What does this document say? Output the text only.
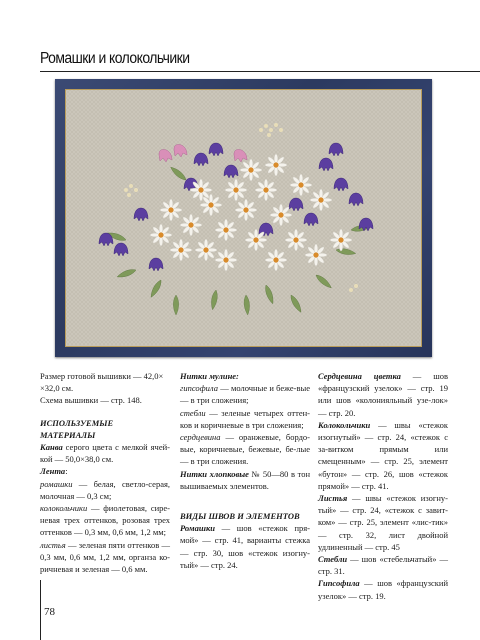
Ромашки и колокольчики

Размер готовой вышивки — 42,0×

×32,0 см.

Схема вышивки — стр. 148.

ИСПОЛЬЗУЕМЫЕ МАТЕРИАЛЫ

Канва серого цвета с мелкой ячей-кой — 50,0×38,0 см.

Лента:

ромашки — белая, светло-серая, молочная — 0,3 см;

колокольчики — фиолетовая, сире-невая трех оттенков, розовая трех оттенков — 0,3 мм, 0,6 мм, 1,2 мм;

листья — зеленая пяти оттенков — 0,3 мм, 0,6 мм, 1,2 мм, органза ко-ричневая и зеленая — 0,6 мм.

Нитки мулине:

гипсофила — молочные и беже-вые — в три сложения;

стебли — зеленые четырех оттен-ков и коричневые в три сложения;

сердцевина — оранжевые, бордо-вые, коричневые, бежевые, бе-лые — в три сложения.

Нитки хлопковые № 50—80 в тон вышиваемых элементов.

ВИДЫ ШВОВ И ЭЛЕМЕНТОВ

Ромашки — шов «стежок пря-мой» — стр. 41, варианты стежка — стр. 30, шов «стежок изогну-тый» — стр. 24.

Сердцевина цветка — шов «французский узелок» — стр. 19 или шов «колонияльный узе-лок» — стр. 20.

Колокольчики — швы «стежок изогнутый» — стр. 24, «стежок с за-витком прямым или смещенным» — стр. 25, элемент «бутон» — стр. 26, шов «стежок прямой» — стр. 41.

Листья — швы «стежок изогну-тый» — стр. 24, «стежок с завит-ком» — стр. 25, элемент «лис-тик» — стр. 32, лист двойной удлиненный — стр. 45

Стебли — шов «стебельчатый» — стр. 31.

Гипсофила — шов «французский узелок» — стр. 19.

78
